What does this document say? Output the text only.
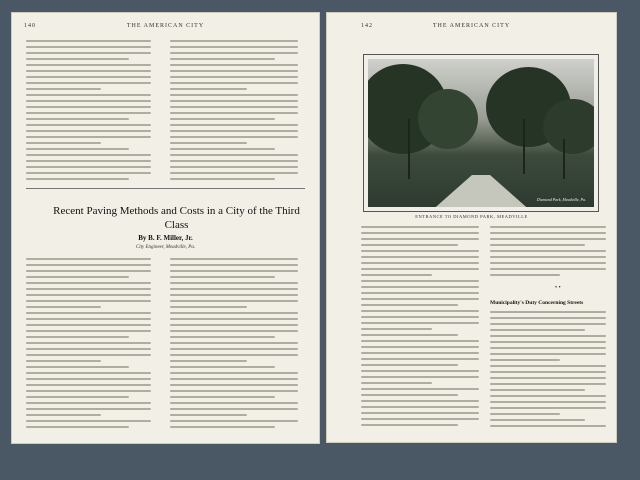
140	THE AMERICAN CITY
Recent Paving Methods and Costs in a City of the Third Class
By B. F. Miller, Jr.
City Engineer, Meadville, Pa.
142	THE AMERICAN CITY
Diamond Park, Meadville, Pa.
ENTRANCE TO DIAMOND PARK, MEADVILLE
• •
Municipality's Duty Concerning Streets
